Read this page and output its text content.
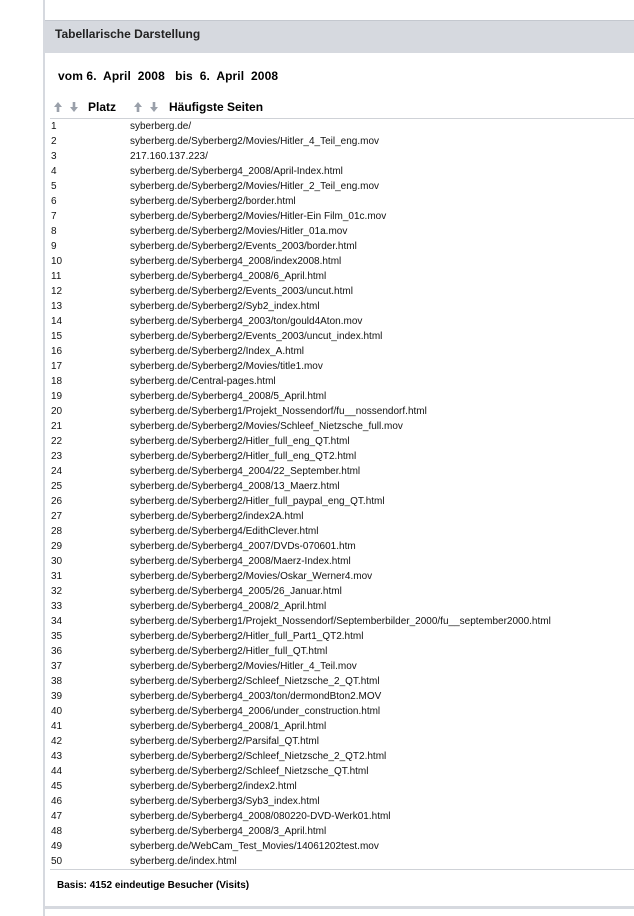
Tabellarische Darstellung
vom 6.  April  2008 bis 6.  April  2008
Platz	Häufigste Seiten
1	syberberg.de/
2	syberberg.de/Syberberg2/Movies/Hitler_4_Teil_eng.mov
3	217.160.137.223/
4	syberberg.de/Syberberg4_2008/April-Index.html
5	syberberg.de/Syberberg2/Movies/Hitler_2_Teil_eng.mov
6	syberberg.de/Syberberg2/border.html
7	syberberg.de/Syberberg2/Movies/Hitler-Ein Film_01c.mov
8	syberberg.de/Syberberg2/Movies/Hitler_01a.mov
9	syberberg.de/Syberberg2/Events_2003/border.html
10	syberberg.de/Syberberg4_2008/index2008.html
11	syberberg.de/Syberberg4_2008/6_April.html
12	syberberg.de/Syberberg2/Events_2003/uncut.html
13	syberberg.de/Syberberg2/Syb2_index.html
14	syberberg.de/Syberberg4_2003/ton/gould4Aton.mov
15	syberberg.de/Syberberg2/Events_2003/uncut_index.html
16	syberberg.de/Syberberg2/Index_A.html
17	syberberg.de/Syberberg2/Movies/title1.mov
18	syberberg.de/Central-pages.html
19	syberberg.de/Syberberg4_2008/5_April.html
20	syberberg.de/Syberberg1/Projekt_Nossendorf/fu__nossendorf.html
21	syberberg.de/Syberberg2/Movies/Schleef_Nietzsche_full.mov
22	syberberg.de/Syberberg2/Hitler_full_eng_QT.html
23	syberberg.de/Syberberg2/Hitler_full_eng_QT2.html
24	syberberg.de/Syberberg4_2004/22_September.html
25	syberberg.de/Syberberg4_2008/13_Maerz.html
26	syberberg.de/Syberberg2/Hitler_full_paypal_eng_QT.html
27	syberberg.de/Syberberg2/index2A.html
28	syberberg.de/Syberberg4/EdithClever.html
29	syberberg.de/Syberberg4_2007/DVDs-070601.htm
30	syberberg.de/Syberberg4_2008/Maerz-Index.html
31	syberberg.de/Syberberg2/Movies/Oskar_Werner4.mov
32	syberberg.de/Syberberg4_2005/26_Januar.html
33	syberberg.de/Syberberg4_2008/2_April.html
34	syberberg.de/Syberberg1/Projekt_Nossendorf/Septemberbilder_2000/fu__september2000.html
35	syberberg.de/Syberberg2/Hitler_full_Part1_QT2.html
36	syberberg.de/Syberberg2/Hitler_full_QT.html
37	syberberg.de/Syberberg2/Movies/Hitler_4_Teil.mov
38	syberberg.de/Syberberg2/Schleef_Nietzsche_2_QT.html
39	syberberg.de/Syberberg4_2003/ton/dermondBton2.MOV
40	syberberg.de/Syberberg4_2006/under_construction.html
41	syberberg.de/Syberberg4_2008/1_April.html
42	syberberg.de/Syberberg2/Parsifal_QT.html
43	syberberg.de/Syberberg2/Schleef_Nietzsche_2_QT2.html
44	syberberg.de/Syberberg2/Schleef_Nietzsche_QT.html
45	syberberg.de/Syberberg2/index2.html
46	syberberg.de/Syberberg3/Syb3_index.html
47	syberberg.de/Syberberg4_2008/080220-DVD-Werk01.html
48	syberberg.de/Syberberg4_2008/3_April.html
49	syberberg.de/WebCam_Test_Movies/14061202test.mov
50	syberberg.de/index.html
Basis: 4152 eindeutige Besucher (Visits)
